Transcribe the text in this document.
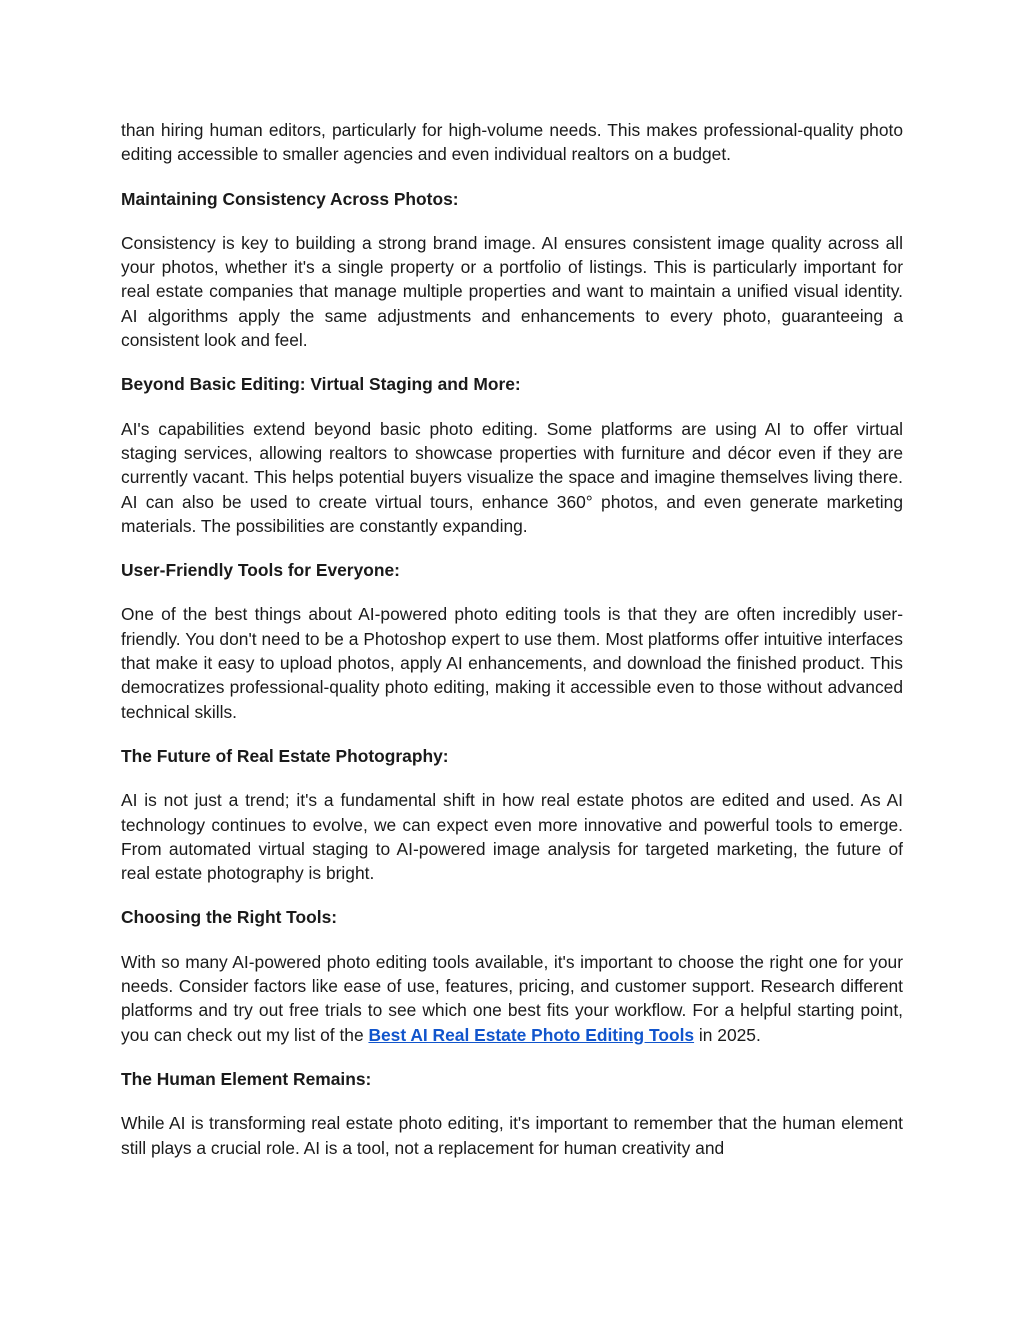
than hiring human editors, particularly for high-volume needs. This makes professional-quality photo editing accessible to smaller agencies and even individual realtors on a budget.

Maintaining Consistency Across Photos:

Consistency is key to building a strong brand image. AI ensures consistent image quality across all your photos, whether it's a single property or a portfolio of listings. This is particularly important for real estate companies that manage multiple properties and want to maintain a unified visual identity. AI algorithms apply the same adjustments and enhancements to every photo, guaranteeing a consistent look and feel.

Beyond Basic Editing: Virtual Staging and More:

AI's capabilities extend beyond basic photo editing. Some platforms are using AI to offer virtual staging services, allowing realtors to showcase properties with furniture and décor even if they are currently vacant. This helps potential buyers visualize the space and imagine themselves living there. AI can also be used to create virtual tours, enhance 360° photos, and even generate marketing materials. The possibilities are constantly expanding.

User-Friendly Tools for Everyone:

One of the best things about AI-powered photo editing tools is that they are often incredibly user-friendly. You don't need to be a Photoshop expert to use them. Most platforms offer intuitive interfaces that make it easy to upload photos, apply AI enhancements, and download the finished product. This democratizes professional-quality photo editing, making it accessible even to those without advanced technical skills.

The Future of Real Estate Photography:

AI is not just a trend; it's a fundamental shift in how real estate photos are edited and used. As AI technology continues to evolve, we can expect even more innovative and powerful tools to emerge. From automated virtual staging to AI-powered image analysis for targeted marketing, the future of real estate photography is bright.

Choosing the Right Tools:

With so many AI-powered photo editing tools available, it's important to choose the right one for your needs. Consider factors like ease of use, features, pricing, and customer support. Research different platforms and try out free trials to see which one best fits your workflow. For a helpful starting point, you can check out my list of the Best AI Real Estate Photo Editing Tools in 2025.

The Human Element Remains:

While AI is transforming real estate photo editing, it's important to remember that the human element still plays a crucial role. AI is a tool, not a replacement for human creativity and
